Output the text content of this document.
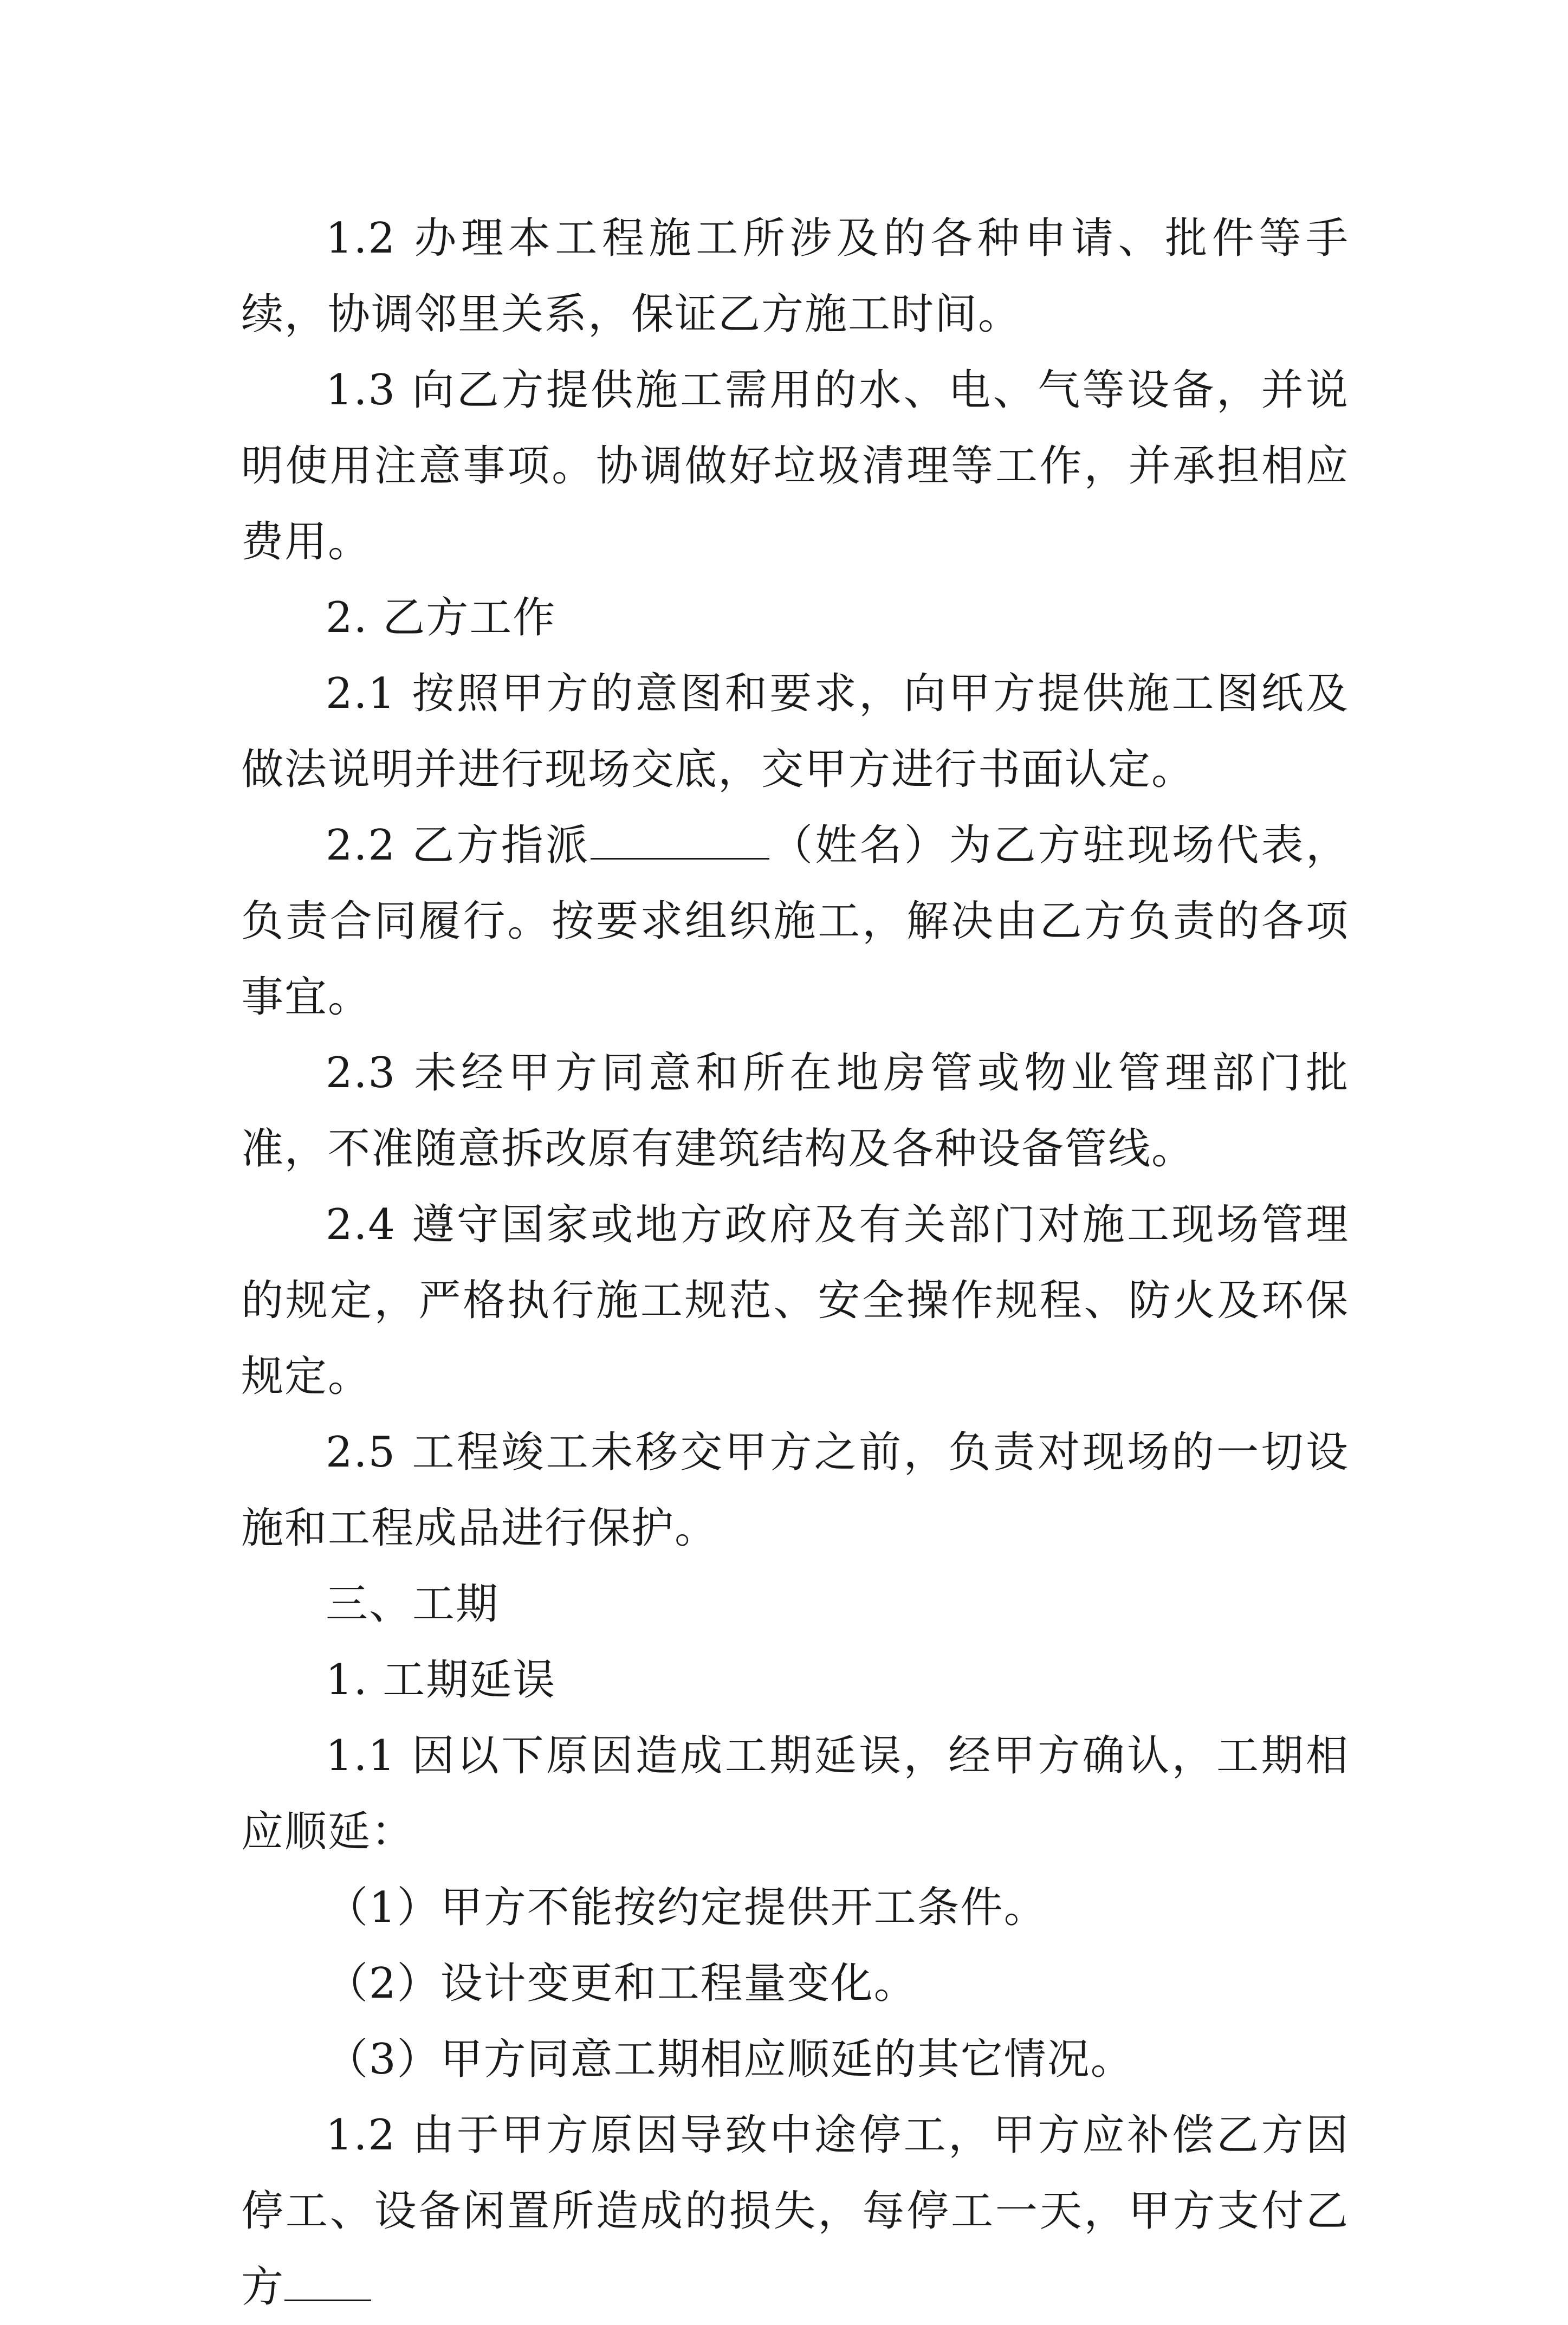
1.2 办理本工程施工所涉及的各种申请、批件等手续，协调邻里关系，保证乙方施工时间。

1.3 向乙方提供施工需用的水、电、气等设备，并说明使用注意事项。协调做好垃圾清理等工作，并承担相应费用。

2. 乙方工作

2.1 按照甲方的意图和要求，向甲方提供施工图纸及做法说明并进行现场交底，交甲方进行书面认定。

2.2 乙方指派	（姓名）为乙方驻现场代表，负责合同履行。按要求组织施工，解决由乙方负责的各项事宜。

2.3 未经甲方同意和所在地房管或物业管理部门批准，不准随意拆改原有建筑结构及各种设备管线。

2.4 遵守国家或地方政府及有关部门对施工现场管理的规定，严格执行施工规范、安全操作规程、防火及环保规定。

2.5 工程竣工未移交甲方之前，负责对现场的一切设施和工程成品进行保护。

三、工期

1. 工期延误

1.1 因以下原因造成工期延误，经甲方确认，工期相应顺延：

（1）甲方不能按约定提供开工条件。

（2）设计变更和工程量变化。

（3）甲方同意工期相应顺延的其它情况。

1.2 由于甲方原因导致中途停工，甲方应补偿乙方因停工、设备闲置所造成的损失，每停工一天，甲方支付乙方
